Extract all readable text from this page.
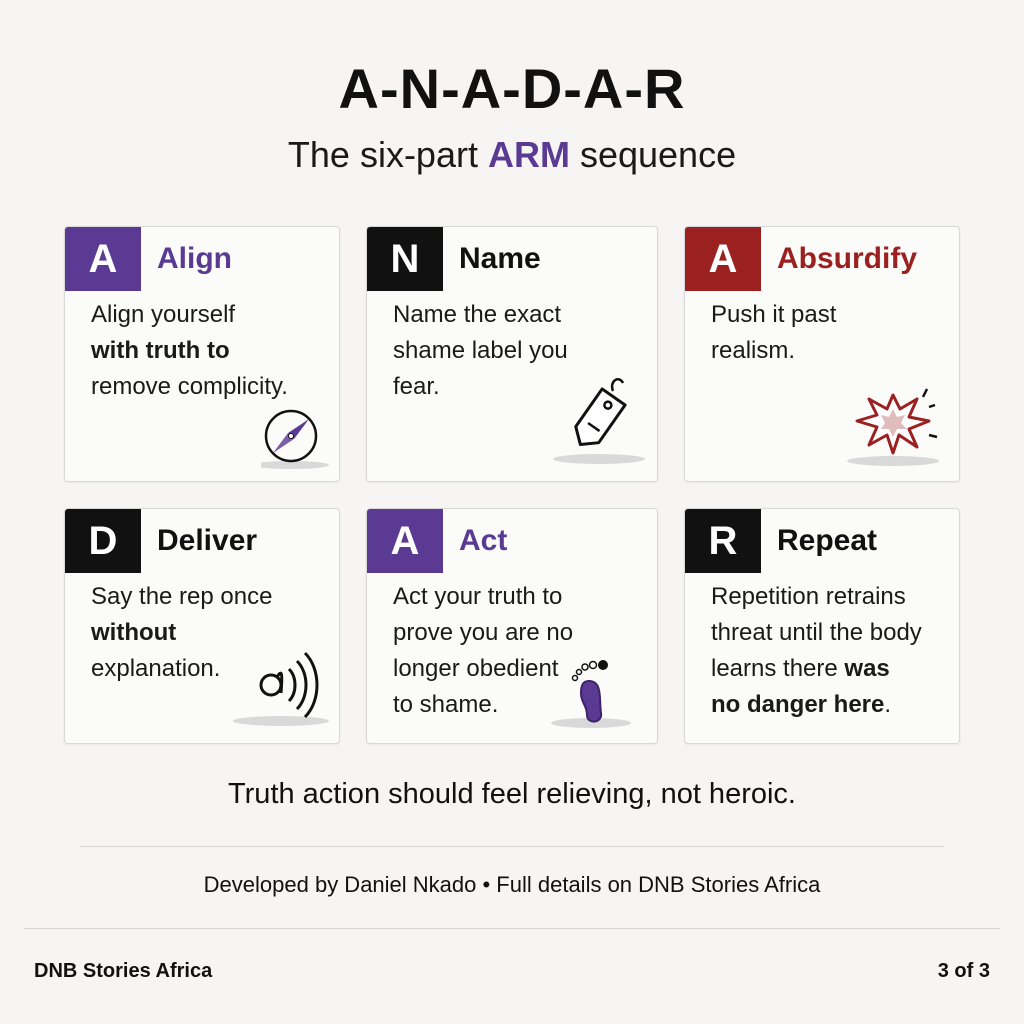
A-N-A-D-A-R
The six-part ARM sequence
A	Align
Align yourself
with truth to
remove complicity.
N	Name
Name the exact
shame label you
fear.
A	Absurdify
Push it past
realism.
D	Deliver
Say the rep once
without
explanation.
A	Act
Act your truth to
prove you are no
longer obedient
to shame.
R	Repeat
Repetition retrains
threat until the body
learns there was
no danger here.
Truth action should feel relieving, not heroic.
Developed by Daniel Nkado • Full details on DNB Stories Africa
DNB Stories Africa	3 of 3
